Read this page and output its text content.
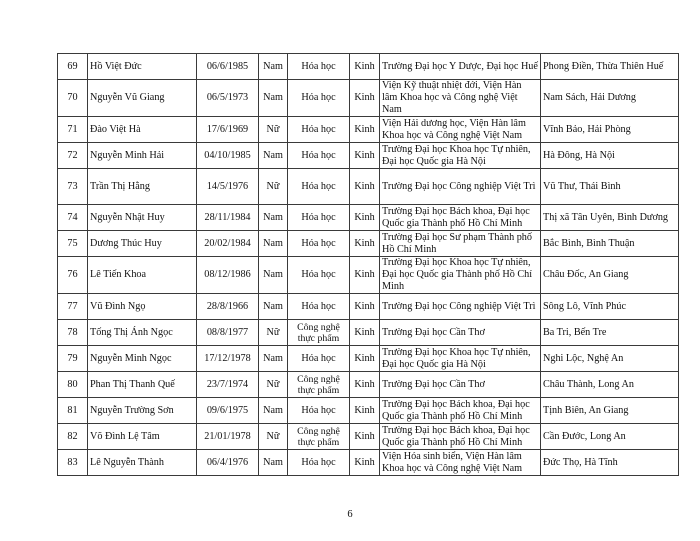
69	Hồ Việt Đức	06/6/1985	Nam	Hóa học	Kinh	Trường Đại học Y Dược, Đại học Huế	Phong Điền, Thừa Thiên Huế
70	Nguyễn Vũ Giang	06/5/1973	Nam	Hóa học	Kinh	Viện Kỹ thuật nhiệt đới, Viện Hàn lâm Khoa học và Công nghệ Việt Nam	Nam Sách, Hải Dương
71	Đào Việt Hà	17/6/1969	Nữ	Hóa học	Kinh	Viện Hải dương học, Viện Hàn lâm Khoa học và Công nghệ Việt Nam	Vĩnh Bảo, Hải Phòng
72	Nguyễn Minh Hải	04/10/1985	Nam	Hóa học	Kinh	Trường Đại học Khoa học Tự nhiên, Đại học Quốc gia Hà Nội	Hà Đông, Hà Nội
73	Trần Thị Hằng	14/5/1976	Nữ	Hóa học	Kinh	Trường Đại học Công nghiệp Việt Trì	Vũ Thư, Thái Bình
74	Nguyễn Nhật Huy	28/11/1984	Nam	Hóa học	Kinh	Trường Đại học Bách khoa, Đại học Quốc gia Thành phố Hồ Chí Minh	Thị xã Tân Uyên, Bình Dương
75	Dương Thúc Huy	20/02/1984	Nam	Hóa học	Kinh	Trường Đại học Sư phạm Thành phố Hồ Chí Minh	Bắc Bình, Bình Thuận
76	Lê Tiến Khoa	08/12/1986	Nam	Hóa học	Kinh	Trường Đại học Khoa học Tự nhiên, Đại học Quốc gia Thành phố Hồ Chí Minh	Châu Đốc, An Giang
77	Vũ Đình Ngọ	28/8/1966	Nam	Hóa học	Kinh	Trường Đại học Công nghiệp Việt Trì	Sông Lô, Vĩnh Phúc
78	Tống Thị Ánh Ngọc	08/8/1977	Nữ	Công nghệ thực phẩm	Kinh	Trường Đại học Cần Thơ	Ba Tri, Bến Tre
79	Nguyễn Minh Ngọc	17/12/1978	Nam	Hóa học	Kinh	Trường Đại học Khoa học Tự nhiên, Đại học Quốc gia Hà Nội	Nghi Lộc, Nghệ An
80	Phan Thị Thanh Quế	23/7/1974	Nữ	Công nghệ thực phẩm	Kinh	Trường Đại học Cần Thơ	Châu Thành, Long An
81	Nguyễn Trường Sơn	09/6/1975	Nam	Hóa học	Kinh	Trường Đại học Bách khoa, Đại học Quốc gia Thành phố Hồ Chí Minh	Tịnh Biên, An Giang
82	Võ Đình Lệ Tâm	21/01/1978	Nữ	Công nghệ thực phẩm	Kinh	Trường Đại học Bách khoa, Đại học Quốc gia Thành phố Hồ Chí Minh	Cần Đước, Long An
83	Lê Nguyễn Thành	06/4/1976	Nam	Hóa học	Kinh	Viện Hóa sinh biển, Viện Hàn lâm Khoa học và Công nghệ Việt Nam	Đức Thọ, Hà Tĩnh
6
